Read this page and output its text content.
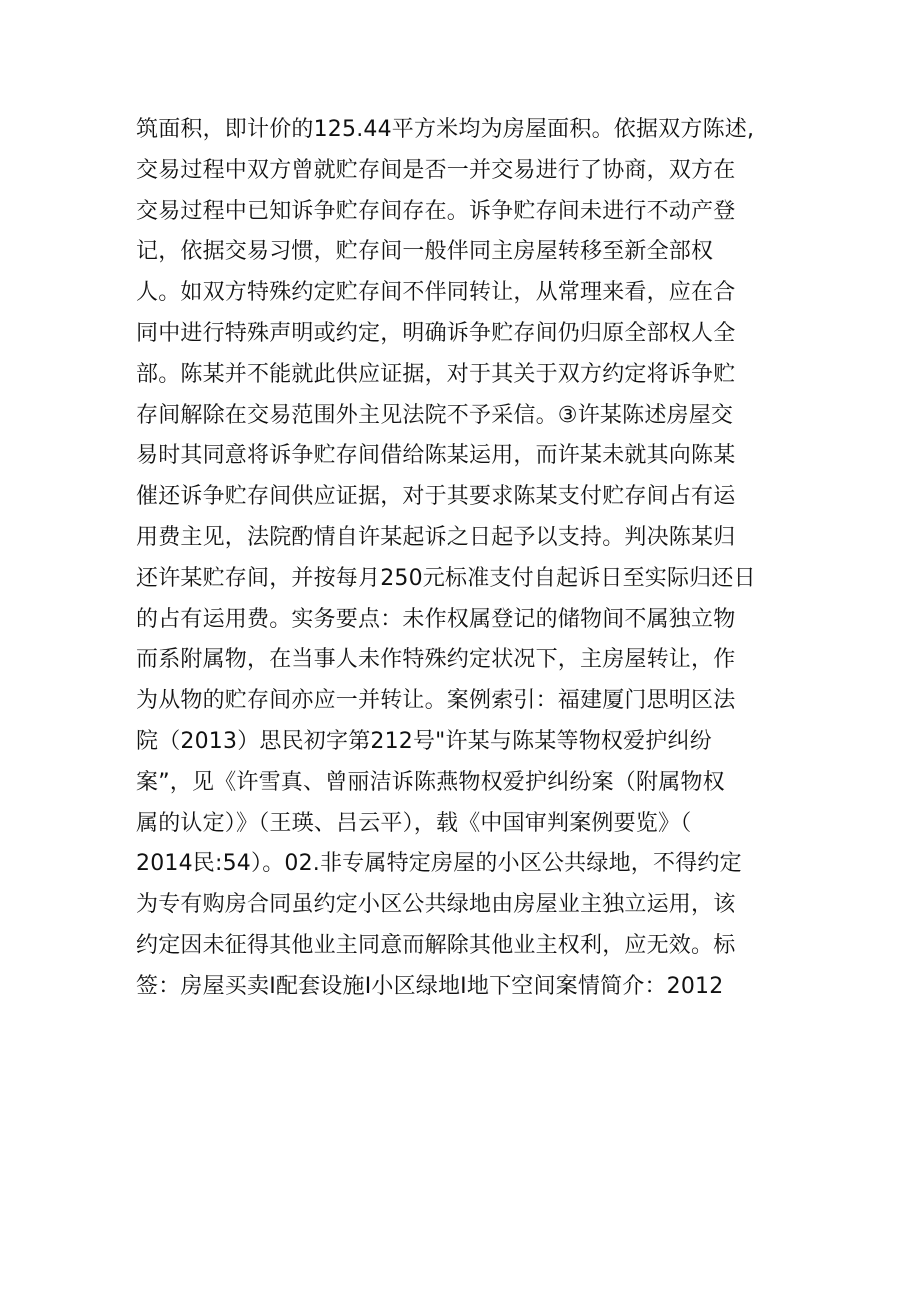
筑面积，即计价的125.44平方米均为房屋面积。依据双方陈述,
交易过程中双方曾就贮存间是否一并交易进行了协商，双方在
交易过程中已知诉争贮存间存在。诉争贮存间未进行不动产登
记，依据交易习惯，贮存间一般伴同主房屋转移至新全部权
人。如双方特殊约定贮存间不伴同转让，从常理来看，应在合
同中进行特殊声明或约定，明确诉争贮存间仍归原全部权人全
部。陈某并不能就此供应证据，对于其关于双方约定将诉争贮
存间解除在交易范围外主见法院不予采信。③许某陈述房屋交
易时其同意将诉争贮存间借给陈某运用，而许某未就其向陈某
催还诉争贮存间供应证据，对于其要求陈某支付贮存间占有运
用费主见，法院酌情自许某起诉之日起予以支持。判决陈某归
还许某贮存间，并按每月250元标准支付自起诉日至实际归还日
的占有运用费。实务要点：未作权属登记的储物间不属独立物
而系附属物，在当事人未作特殊约定状况下，主房屋转让，作
为从物的贮存间亦应一并转让。案例索引：福建厦门思明区法
院（2013）思民初字第212号"许某与陈某等物权爱护纠纷
案”，见《许雪真、曾丽洁诉陈燕物权爱护纠纷案（附属物权
属的认定）》（王瑛、吕云平），载《中国审判案例要览》（
2014民:54）。02.非专属特定房屋的小区公共绿地，不得约定
为专有购房合同虽约定小区公共绿地由房屋业主独立运用，该
约定因未征得其他业主同意而解除其他业主权利，应无效。标
签：房屋买卖I配套设施I小区绿地I地下空间案情简介：2012
